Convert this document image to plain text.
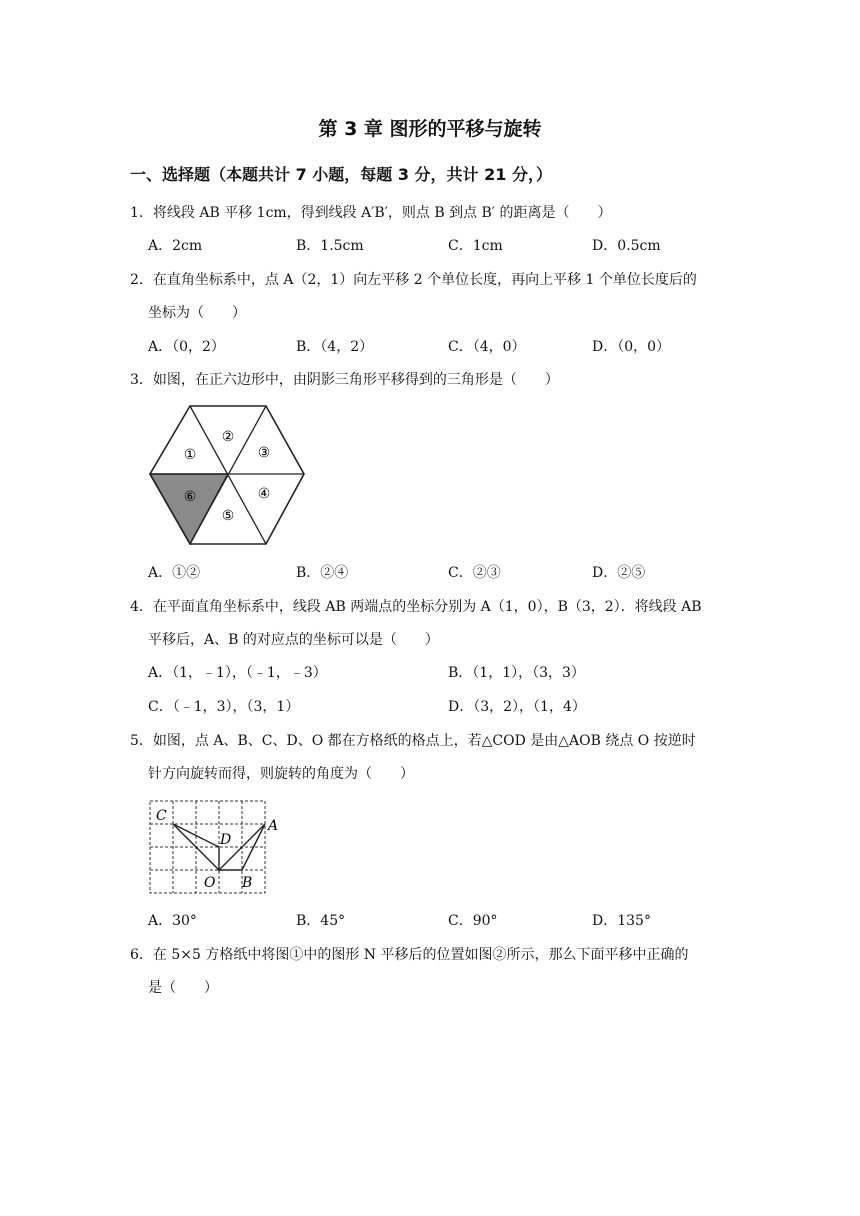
第 3 章 图形的平移与旋转
一、选择题（本题共计 7 小题，每题 3 分，共计 21 分，）
1．将线段 AB 平移 1cm，得到线段 A′B′，则点 B 到点 B′ 的距离是（　　）
A．2cm	B．1.5cm	C．1cm	D．0.5cm
2．在直角坐标系中，点 A（2，1）向左平移 2 个单位长度，再向上平移 1 个单位长度后的
坐标为（　　）
A．（0，2）	B．（4，2）	C．（4，0）	D．（0，0）
3．如图，在正六边形中，由阴影三角形平移得到的三角形是（　　）
①
②
③
④
⑤
⑥
A．①②	B．②④	C．②③	D．②⑤
4．在平面直角坐标系中，线段 AB 两端点的坐标分别为 A（1，0），B（3，2）．将线段 AB
平移后，A、B 的对应点的坐标可以是（　　）
A．（1，﹣1），（﹣1，﹣3）	B．（1，1），（3，3）
C．（﹣1，3），（3，1）	D．（3，2），（1，4）
5．如图，点 A、B、C、D、O 都在方格纸的格点上，若△COD 是由△AOB 绕点 O 按逆时
针方向旋转而得，则旋转的角度为（　　）
C
A
D
O B
A．30°	B．45°	C．90°	D．135°
6．在 5×5 方格纸中将图①中的图形 N 平移后的位置如图②所示，那么下面平移中正确的
是（　　）
